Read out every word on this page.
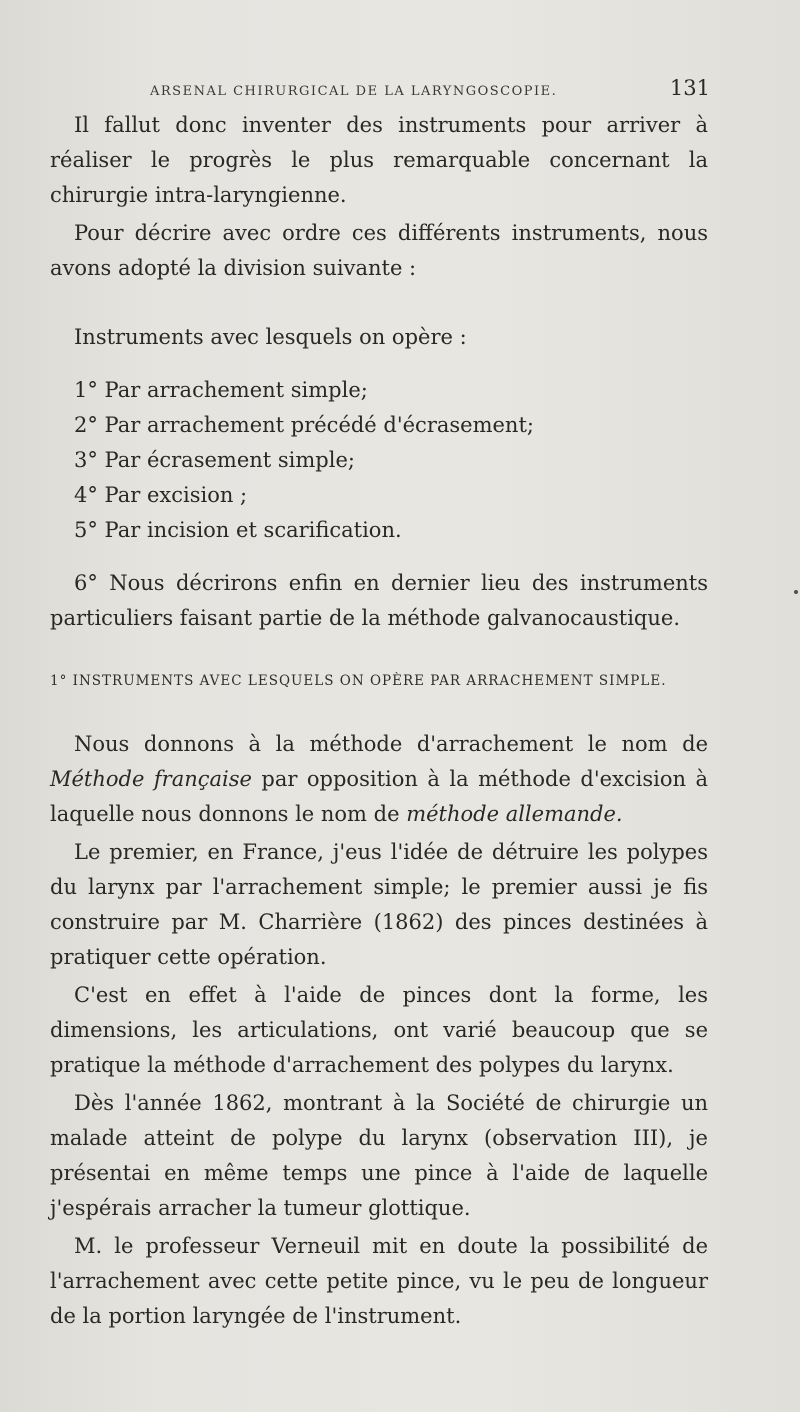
ARSENAL CHIRURGICAL DE LA LARYNGOSCOPIE.	131

Il fallut donc inventer des instruments pour arriver à réaliser le progrès le plus remarquable concernant la chirurgie intra-laryngienne.

Pour décrire avec ordre ces différents instruments, nous avons adopté la division suivante :

Instruments avec lesquels on opère :

1° Par arrachement simple;

2° Par arrachement précédé d'écrasement;

3° Par écrasement simple;

4° Par excision ;

5° Par incision et scarification.

6° Nous décrirons enfin en dernier lieu des instruments particuliers faisant partie de la méthode galvanocaustique.

1° INSTRUMENTS AVEC LESQUELS ON OPÈRE PAR ARRACHEMENT SIMPLE.

Nous donnons à la méthode d'arrachement le nom de Méthode française par opposition à la méthode d'excision à laquelle nous donnons le nom de méthode allemande.

Le premier, en France, j'eus l'idée de détruire les polypes du larynx par l'arrachement simple; le premier aussi je fis construire par M. Charrière (1862) des pinces destinées à pratiquer cette opération.

C'est en effet à l'aide de pinces dont la forme, les dimensions, les articulations, ont varié beaucoup que se pratique la méthode d'arrachement des polypes du larynx.

Dès l'année 1862, montrant à la Société de chirurgie un malade atteint de polype du larynx (observation III), je présentai en même temps une pince à l'aide de laquelle j'espérais arracher la tumeur glottique.

M. le professeur Verneuil mit en doute la possibilité de l'arrachement avec cette petite pince, vu le peu de longueur de la portion laryngée de l'instrument.
